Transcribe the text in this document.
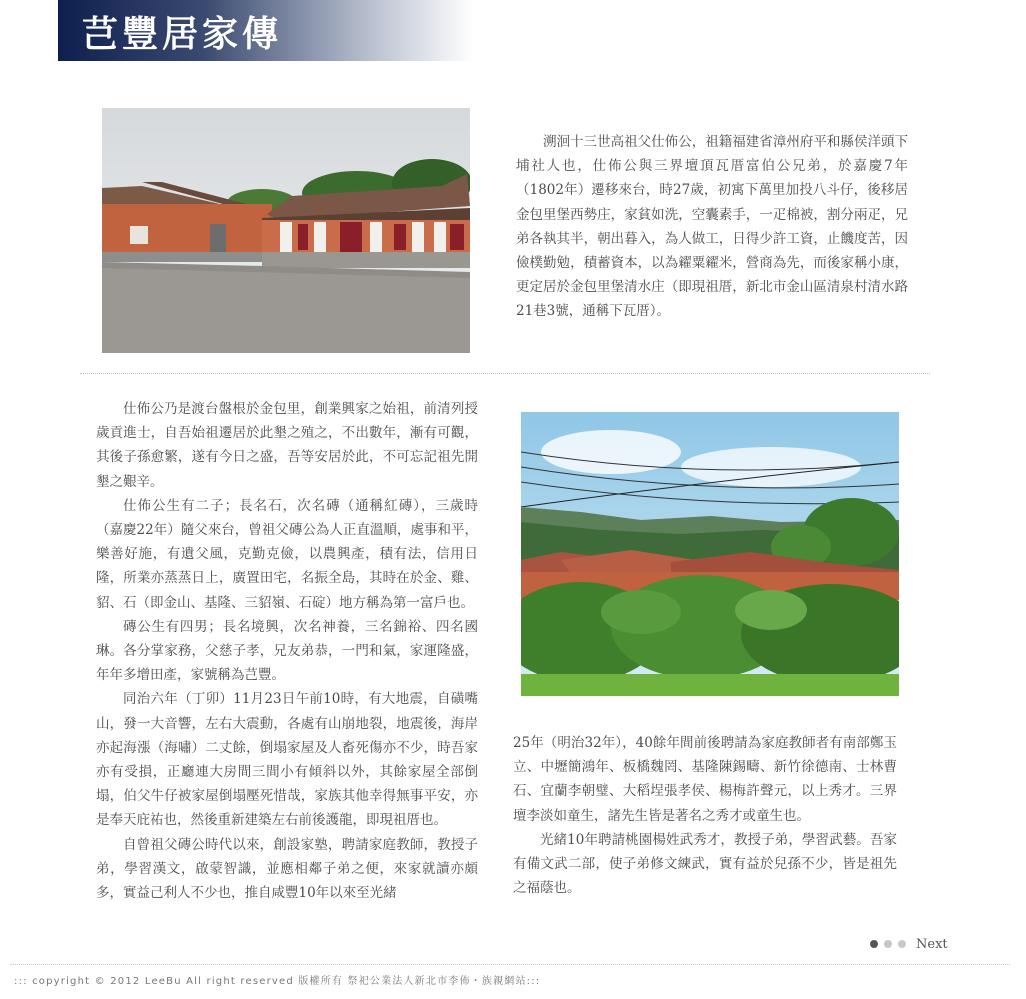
芑豐居家傳

溯洄十三世高祖父仕佈公，祖籍福建省漳州府平和縣侯洋頭下埔社人也，仕佈公與三界壇頂瓦厝富伯公兄弟，於嘉慶7年（1802年）遷移來台，時27歲，初寓下萬里加投八斗仔，後移居金包里堡西勢庄，家貧如洗，空囊素手，一疋棉被，割分兩疋，兄弟各執其半，朝出暮入，為人做工，日得少許工資，止饑度苦，因儉樸勤勉，積蓄資本，以為糴粟糴米，營商為先，而後家稱小康，更定居於金包里堡清水庄（即現祖厝，新北市金山區清泉村清水路21巷3號，通稱下瓦厝）。

仕佈公乃是渡台盤根於金包里，創業興家之始祖，前清列授歲貢進士，自吾始祖遷居於此墾之殖之，不出數年，漸有可觀，其後子孫愈繁，遂有今日之盛，吾等安居於此，不可忘記祖先開墾之艱辛。

仕佈公生有二子；長名石，次名磚（通稱紅磚），三歲時（嘉慶22年）隨父來台，曾祖父磚公為人正直溫順，處事和平，樂善好施，有遺父風，克勤克儉，以農興產，積有法，信用日隆，所業亦蒸蒸日上，廣置田宅，名振全島，其時在於金、雞、貂、石（即金山、基隆、三貂嶺、石碇）地方稱為第一富戶也。

磚公生有四男；長名境興，次名神養，三名錦裕、四名國琳。各分掌家務，父慈子孝，兄友弟恭，一門和氣，家運隆盛，年年多增田產，家號稱為芑豐。

同治六年（丁卯）11月23日午前10時，有大地震，自磺嘴山，發一大音響，左右大震動，各處有山崩地裂，地震後，海岸亦起海漲（海嘯）二丈餘，倒塌家屋及人畜死傷亦不少，時吾家亦有受損，正廳連大房間三間小有傾斜以外，其餘家屋全部倒塌，伯父牛仔被家屋倒塌壓死惜哉，家族其他幸得無事平安，亦是奉天庇祐也，然後重新建築左右前後護龍，即現祖厝也。

自曾祖父磚公時代以來，創設家塾，聘請家庭教師，教授子弟，學習漢文，啟蒙智識，並應相鄰子弟之便，來家就讀亦頗多，實益己利人不少也，推自咸豐10年以來至光緒

25年（明治32年），40餘年間前後聘請為家庭教師者有南部鄭玉立、中壢簡鴻年、板橋魏罔、基隆陳錫疇、新竹徐德南、士林曹石、宜蘭李朝璧、大稻埕張孝侯、楊梅許聲元，以上秀才。三界壇李淡如童生，諸先生皆是著名之秀才或童生也。

光緒10年聘請桃園楊姓武秀才，教授子弟，學習武藝。吾家有備文武二部，使子弟修文練武，實有益於兒孫不少，皆是祖先之福蔭也。

Next
::: copyright © 2012 LeeBu All right reserved 版權所有 祭祀公業法人新北市李佈・族親網站:::
